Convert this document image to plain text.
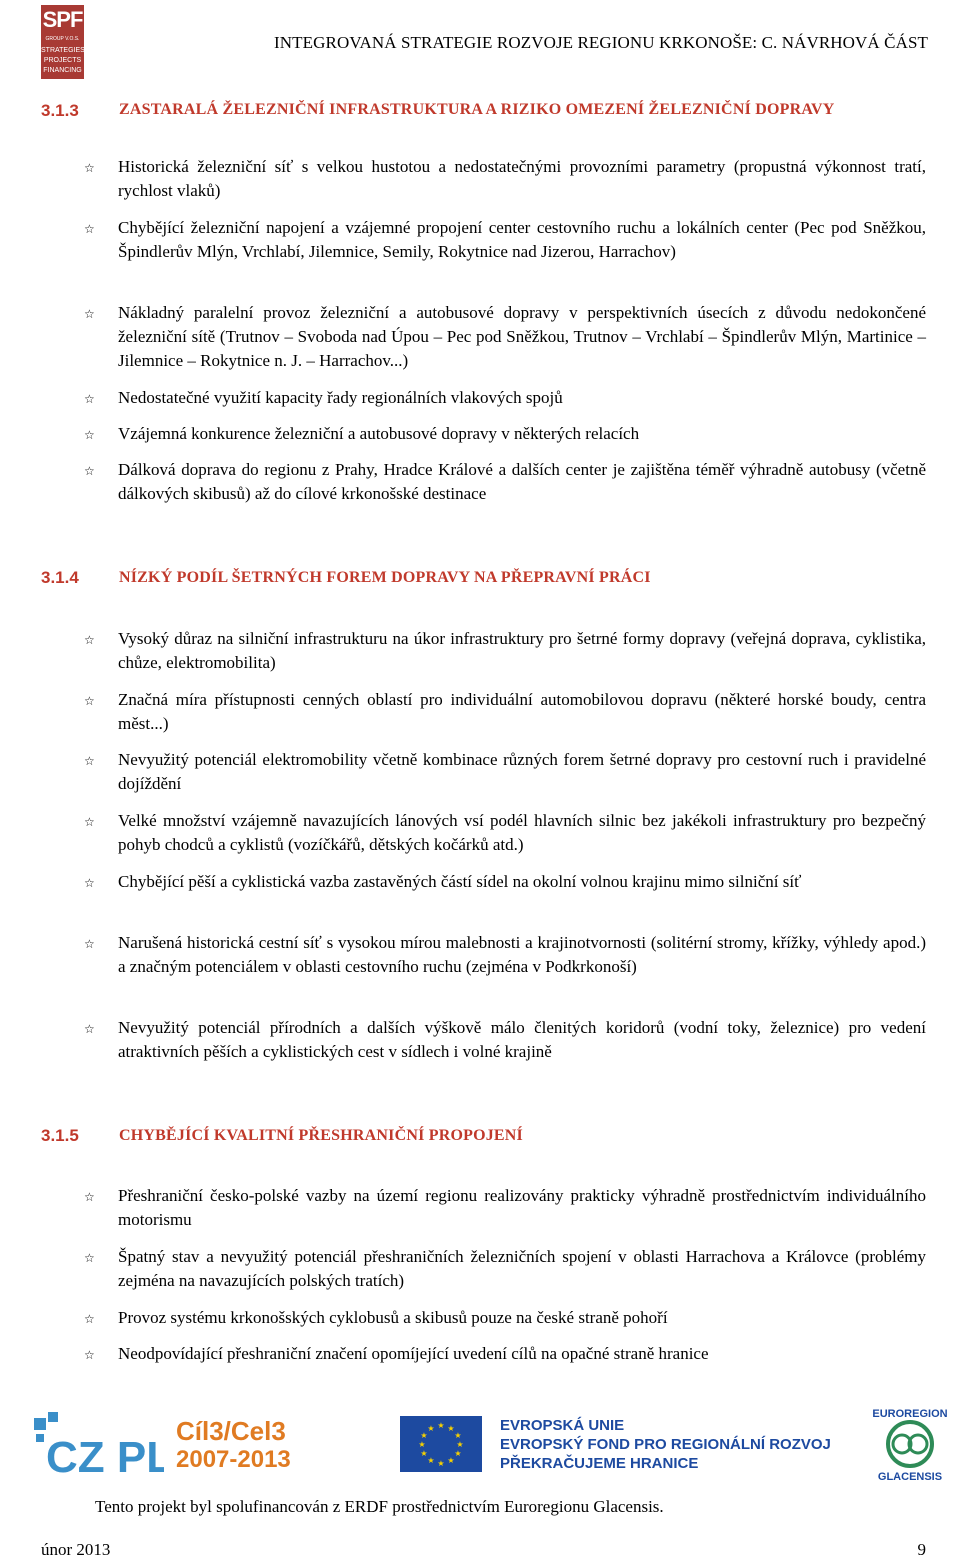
SPF
GROUP V.O.S.
STRATEGIES
PROJECTS
FINANCING
INTEGROVANÁ STRATEGIE ROZVOJE REGIONU KRKONOŠE: C. NÁVRHOVÁ ČÁST
3.1.3	ZASTARALÁ ŽELEZNIČNÍ INFRASTRUKTURA A RIZIKO OMEZENÍ ŽELEZNIČNÍ DOPRAVY
☆	Historická železniční síť s velkou hustotou a nedostatečnými provozními parametry (propustná výkonnost tratí, rychlost vlaků)
☆	Chybějící železniční napojení a vzájemné propojení center cestovního ruchu a lokálních center (Pec pod Sněžkou, Špindlerův Mlýn, Vrchlabí, Jilemnice, Semily, Rokytnice nad Jizerou, Harrachov)
☆	Nákladný paralelní provoz železniční a autobusové dopravy v perspektivních úsecích z důvodu nedokončené železniční sítě (Trutnov – Svoboda nad Úpou – Pec pod Sněžkou, Trutnov – Vrchlabí – Špindlerův Mlýn, Martinice – Jilemnice – Rokytnice n. J. – Harrachov...)
☆	Nedostatečné využití kapacity řady regionálních vlakových spojů
☆	Vzájemná konkurence železniční a autobusové dopravy v některých relacích
☆	Dálková doprava do regionu z Prahy, Hradce Králové a dalších center je zajištěna téměř výhradně autobusy (včetně dálkových skibusů) až do cílové krkonošské destinace
3.1.4	NÍZKÝ PODÍL ŠETRNÝCH FOREM DOPRAVY NA PŘEPRAVNÍ PRÁCI
☆	Vysoký důraz na silniční infrastrukturu na úkor infrastruktury pro šetrné formy dopravy (veřejná doprava, cyklistika, chůze, elektromobilita)
☆	Značná míra přístupnosti cenných oblastí pro individuální automobilovou dopravu (některé horské boudy, centra měst...)
☆	Nevyužitý potenciál elektromobility včetně kombinace různých forem šetrné dopravy pro cestovní ruch i pravidelné dojíždění
☆	Velké množství vzájemně navazujících lánových vsí podél hlavních silnic bez jakékoli infrastruktury pro bezpečný pohyb chodců a cyklistů (vozíčkářů, dětských kočárků atd.)
☆	Chybějící pěší a cyklistická vazba zastavěných částí sídel na okolní volnou krajinu mimo silniční síť
☆	Narušená historická cestní síť s vysokou mírou malebnosti a krajinotvornosti (solitérní stromy, křížky, výhledy apod.) a značným potenciálem v oblasti cestovního ruchu (zejména v Podkrkonoší)
☆	Nevyužitý potenciál přírodních a dalších výškově málo členitých koridorů (vodní toky, železnice) pro vedení atraktivních pěších a cyklistických cest v sídlech i volné krajině
3.1.5	CHYBĚJÍCÍ KVALITNÍ PŘESHRANIČNÍ PROPOJENÍ
☆	Přeshraniční česko-polské vazby na území regionu realizovány prakticky výhradně prostřednictvím individuálního motorismu
☆	Špatný stav a nevyužitý potenciál přeshraničních železničních spojení v oblasti Harrachova a Královce (problémy zejména na navazujících polských tratích)
☆	Provoz systému krkonošských cyklobusů a skibusů pouze na české straně pohoří
☆	Neodpovídající přeshraniční značení opomíjející uvedení cílů na opačné straně hranice
CZ PL
Cíl3/Cel3
2007-2013
★ ★
★
★
★
★
★
★
★
★
★
★	EVROPSKÁ UNIE
EVROPSKÝ FOND PRO REGIONÁLNÍ ROZVOJ
PŘEKRAČUJEME HRANICE
EUROREGION
GLACENSIS
Tento projekt byl spolufinancován z ERDF prostřednictvím Euroregionu Glacensis.
únor 2013	9
